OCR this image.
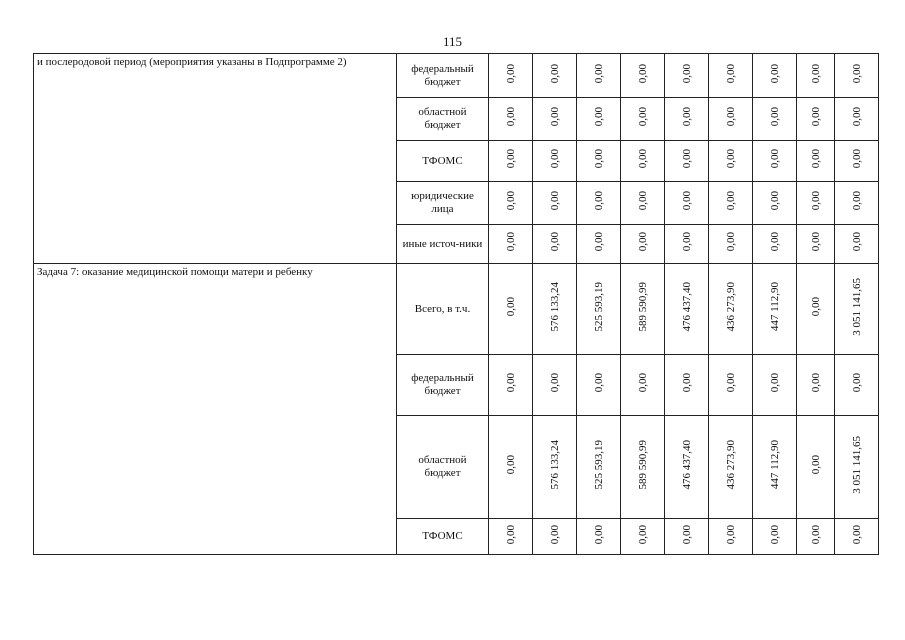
115
и послеродовой период (мероприятия указаны в Подпрограмме 2)	федеральный бюджет	0,00	0,00	0,00	0,00	0,00	0,00	0,00	0,00	0,00
	областной бюджет	0,00	0,00	0,00	0,00	0,00	0,00	0,00	0,00	0,00
	ТФОМС	0,00	0,00	0,00	0,00	0,00	0,00	0,00	0,00	0,00
	юридические лица	0,00	0,00	0,00	0,00	0,00	0,00	0,00	0,00	0,00
	иные источ-ники	0,00	0,00	0,00	0,00	0,00	0,00	0,00	0,00	0,00
Задача 7: оказание медицинской помощи матери и ребенку	Всего, в т.ч.	0,00	576 133,24	525 593,19	589 590,99	476 437,40	436 273,90	447 112,90	0,00	3 051 141,65
	федеральный бюджет	0,00	0,00	0,00	0,00	0,00	0,00	0,00	0,00	0,00
	областной бюджет	0,00	576 133,24	525 593,19	589 590,99	476 437,40	436 273,90	447 112,90	0,00	3 051 141,65
	ТФОМС	0,00	0,00	0,00	0,00	0,00	0,00	0,00	0,00	0,00
